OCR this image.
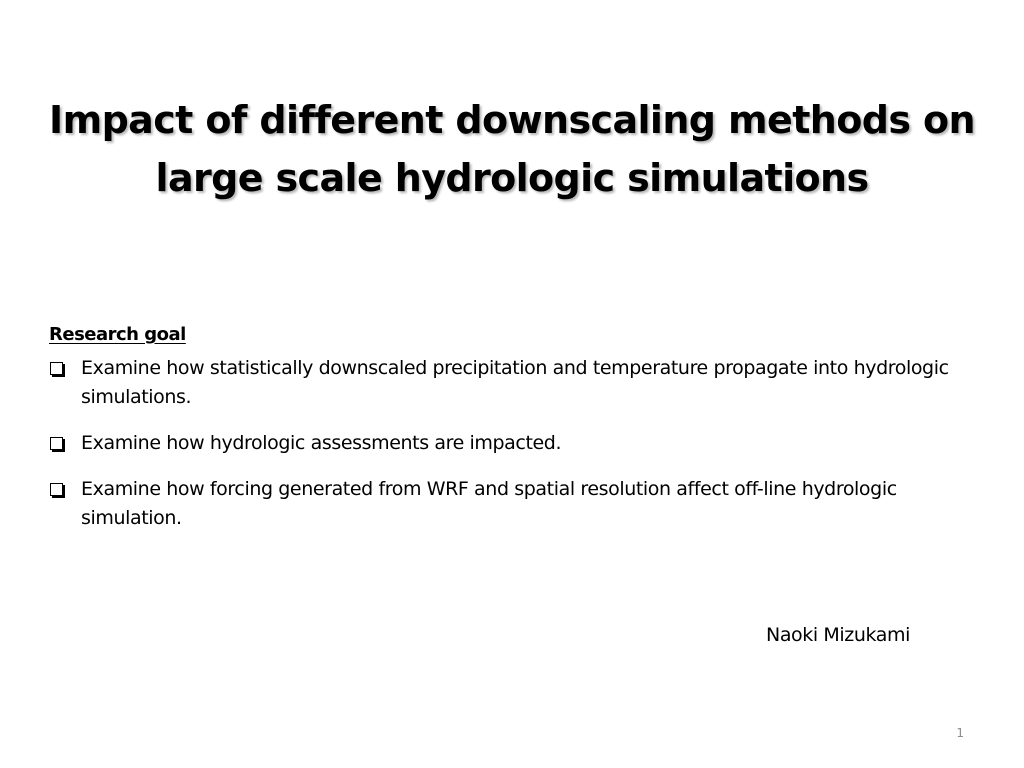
Impact of different downscaling methods on
large scale hydrologic simulations
Research goal
Examine how statistically downscaled precipitation and temperature propagate into hydrologic simulations.
Examine how hydrologic assessments are impacted.
Examine how forcing generated from WRF and spatial resolution affect off-line hydrologic simulation.
Naoki Mizukami
1
